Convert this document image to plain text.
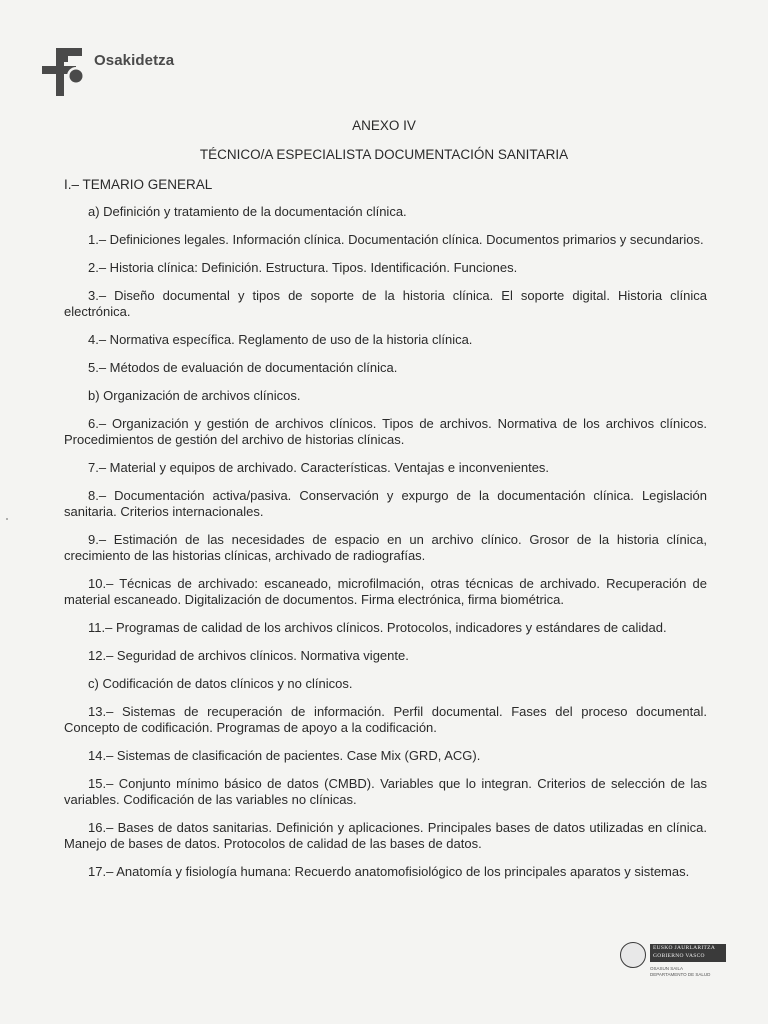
Osakidetza
ANEXO IV
TÉCNICO/A ESPECIALISTA DOCUMENTACIÓN SANITARIA
I.– TEMARIO GENERAL

a) Definición y tratamiento de la documentación clínica.

1.– Definiciones legales. Información clínica. Documentación clínica. Documentos primarios y secundarios.

2.– Historia clínica: Definición. Estructura. Tipos. Identificación. Funciones.

3.– Diseño documental y tipos de soporte de la historia clínica. El soporte digital. Historia clínica electrónica.

4.– Normativa específica. Reglamento de uso de la historia clínica.

5.– Métodos de evaluación de documentación clínica.

b) Organización de archivos clínicos.

6.– Organización y gestión de archivos clínicos. Tipos de archivos. Normativa de los archivos clínicos. Procedimientos de gestión del archivo de historias clínicas.

7.– Material y equipos de archivado. Características. Ventajas e inconvenientes.

8.– Documentación activa/pasiva. Conservación y expurgo de la documentación clínica. Legislación sanitaria. Criterios internacionales.

9.– Estimación de las necesidades de espacio en un archivo clínico. Grosor de la historia clínica, crecimiento de las historias clínicas, archivado de radiografías.

10.– Técnicas de archivado: escaneado, microfilmación, otras técnicas de archivado. Recuperación de material escaneado. Digitalización de documentos. Firma electrónica, firma biométrica.

11.– Programas de calidad de los archivos clínicos. Protocolos, indicadores y estándares de calidad.

12.– Seguridad de archivos clínicos. Normativa vigente.

c) Codificación de datos clínicos y no clínicos.

13.– Sistemas de recuperación de información. Perfil documental. Fases del proceso documental. Concepto de codificación. Programas de apoyo a la codificación.

14.– Sistemas de clasificación de pacientes. Case Mix (GRD, ACG).

15.– Conjunto mínimo básico de datos (CMBD). Variables que lo integran. Criterios de selección de las variables. Codificación de las variables no clínicas.

16.– Bases de datos sanitarias. Definición y aplicaciones. Principales bases de datos utilizadas en clínica. Manejo de bases de datos. Protocolos de calidad de las bases de datos.

17.– Anatomía y fisiología humana: Recuerdo anatomofisiológico de los principales aparatos y sistemas.

EUSKO JAURLARITZA
GOBIERNO VASCO
OSASUN SAILA
DEPARTAMENTO DE SALUD
